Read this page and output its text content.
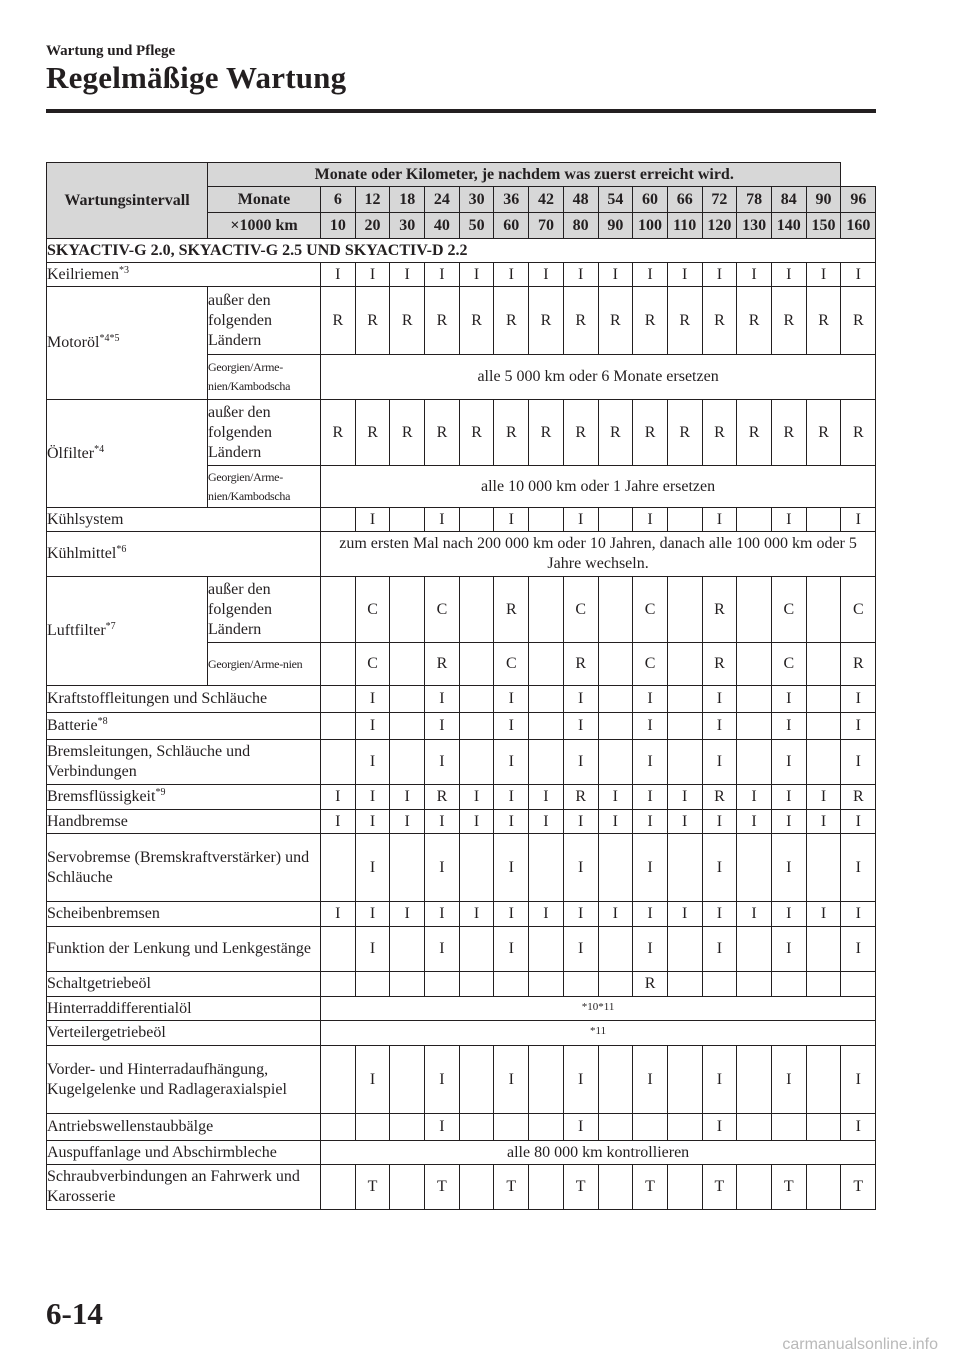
Wartung und Pflege
Regelmäßige Wartung
Wartungsintervall	Monate oder Kilometer, je nachdem was zuerst erreicht wird.																
	Monate	6	12	18	24	30	36	42	48	54	60	66	72	78	84	90	96
	×1000 km	10	20	30	40	50	60	70	80	90	100	110	120	130	140	150	160
SKYACTIV-G 2.0, SKYACTIV-G 2.5 UND SKYACTIV-D 2.2																	
Keilriemen$^{*3}$		I	I	I	I	I	I	I	I	I	I	I	I	I	I	I	I
Motoröl$^{*4*5}$	außer den folgenden Ländern	R	R	R	R	R	R	R	R	R	R	R	R	R	R	R	R
	Georgien/Arme-nien/Kambodscha	alle 5 000 km oder 6 Monate ersetzen															
Ölfilter$^{*4}$	außer den folgenden Ländern	R	R	R	R	R	R	R	R	R	R	R	R	R	R	R	R
	Georgien/Arme-nien/Kambodscha	alle 10 000 km oder 1 Jahre ersetzen															
Kühlsystem			I		I		I		I		I		I		I		I
Kühlmittel$^{*6}$		zum ersten Mal nach 200 000 km oder 10 Jahren, danach alle 100 000 km oder 5 Jahre wechseln.															
Luftfilter$^{*7}$	außer den folgenden Ländern		C		C		R		C		C		R		C		C
	Georgien/Arme-nien		C		R		C		R		C		R		C		R
Kraftstoffleitungen und Schläuche			I		I		I		I		I		I		I		I
Batterie$^{*8}$			I		I		I		I		I		I		I		I
Bremsleitungen, Schläuche und Verbindungen			I		I		I		I		I		I		I		I
Bremsflüssigkeit$^{*9}$		I	I	I	R	I	I	I	R	I	I	I	R	I	I	I	R
Handbremse		I	I	I	I	I	I	I	I	I	I	I	I	I	I	I	I
Servobremse (Bremskraftverstärker) und Schläuche			I		I		I		I		I		I		I		I
Scheibenbremsen		I	I	I	I	I	I	I	I	I	I	I	I	I	I	I	I
Funktion der Lenkung und Lenkgestänge			I		I		I		I		I		I		I		I
Schaltgetriebeöl											R						
Hinterraddifferentialöl		*10*11															
Verteilergetriebeöl		*11															
Vorder- und Hinterradaufhängung, Kugelgelenke und Radlageraxialspiel			I		I		I		I		I		I		I		I
Antriebswellenstaubbälge					I				I				I				I
Auspuffanlage und Abschirmbleche		alle 80 000 km kontrollieren															
Schraubverbindungen an Fahrwerk und Karosserie			T		T		T		T		T		T		T		T
6-14
carmanualsonline.info
